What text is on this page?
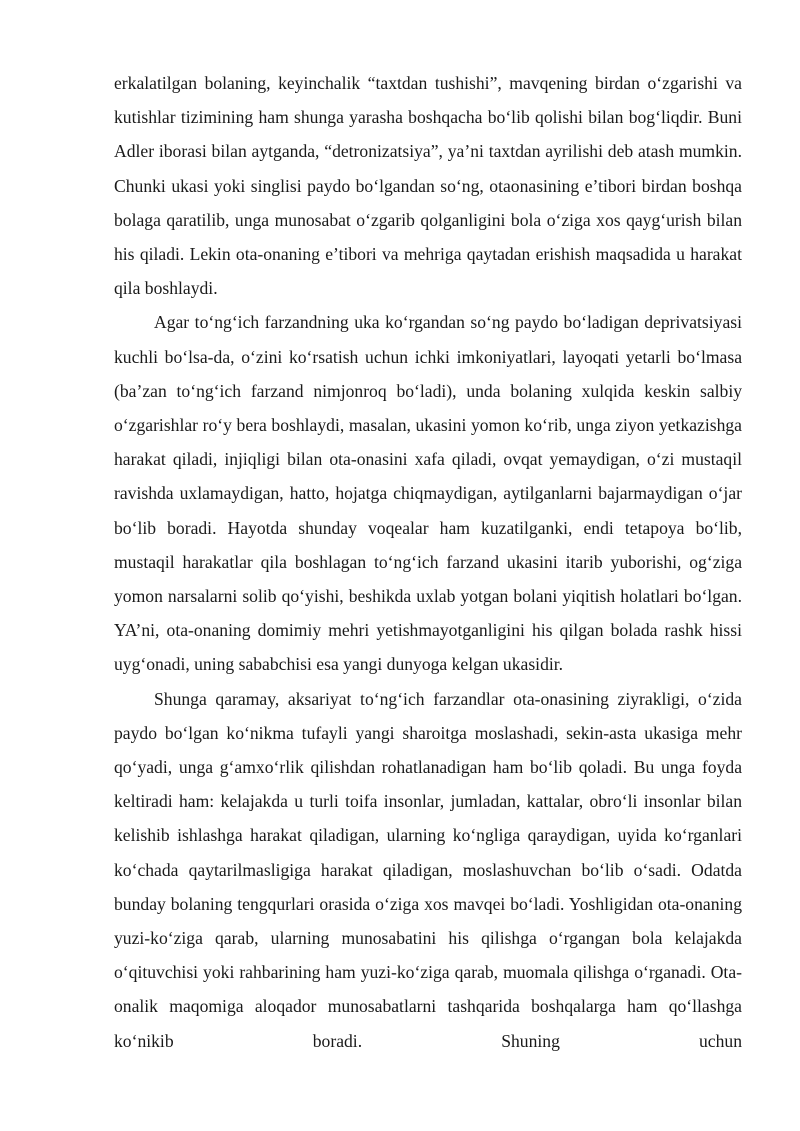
erkalatilgan bolaning, keyinchalik “taxtdan tushishi”, mavqening birdan o‘zgarishi va kutishlar tizimining ham shunga yarasha boshqacha bo‘lib qolishi bilan bog‘liqdir. Buni Adler iborasi bilan aytganda, “detronizatsiya”, ya’ni taxtdan ayrilishi deb atash mumkin. Chunki ukasi yoki singlisi paydo bo‘lgandan so‘ng, otaonasining e’tibori birdan boshqa bolaga qaratilib, unga munosabat o‘zgarib qolganligini bola o‘ziga xos qayg‘urish bilan his qiladi. Lekin ota-onaning e’tibori va mehriga qaytadan erishish maqsadida u harakat qila boshlaydi.

Agar to‘ng‘ich farzandning uka ko‘rgandan so‘ng paydo bo‘ladigan deprivatsiyasi kuchli bo‘lsa-da, o‘zini ko‘rsatish uchun ichki imkoniyatlari, layoqati yetarli bo‘lmasa (ba’zan to‘ng‘ich farzand nimjonroq bo‘ladi), unda bolaning xulqida keskin salbiy o‘zgarishlar ro‘y bera boshlaydi, masalan, ukasini yomon ko‘rib, unga ziyon yetkazishga harakat qiladi, injiqligi bilan ota-onasini xafa qiladi, ovqat yemaydigan, o‘zi mustaqil ravishda uxlamaydigan, hatto, hojatga chiqmaydigan, aytilganlarni bajarmaydigan o‘jar bo‘lib boradi. Hayotda shunday voqealar ham kuzatilganki, endi tetapoya bo‘lib, mustaqil harakatlar qila boshlagan to‘ng‘ich farzand ukasini itarib yuborishi, og‘ziga yomon narsalarni solib qo‘yishi, beshikda uxlab yotgan bolani yiqitish holatlari bo‘lgan. YA’ni, ota-onaning domimiy mehri yetishmayotganligini his qilgan bolada rashk hissi uyg‘onadi, uning sababchisi esa yangi dunyoga kelgan ukasidir.

Shunga qaramay, aksariyat to‘ng‘ich farzandlar ota-onasining ziyrakligi, o‘zida paydo bo‘lgan ko‘nikma tufayli yangi sharoitga moslashadi, sekin-asta ukasiga mehr qo‘yadi, unga g‘amxo‘rlik qilishdan rohatlanadigan ham bo‘lib qoladi. Bu unga foyda keltiradi ham: kelajakda u turli toifa insonlar, jumladan, kattalar, obro‘li insonlar bilan kelishib ishlashga harakat qiladigan, ularning ko‘ngliga qaraydigan, uyida ko‘rganlari ko‘chada qaytarilmasligiga harakat qiladigan, moslashuvchan bo‘lib o‘sadi. Odatda bunday bolaning tengqurlari orasida o‘ziga xos mavqei bo‘ladi. Yoshligidan ota-onaning yuzi-ko‘ziga qarab, ularning munosabatini his qilishga o‘rgangan bola kelajakda o‘qituvchisi yoki rahbarining ham yuzi-ko‘ziga qarab, muomala qilishga o‘rganadi. Ota-onalik maqomiga aloqador munosabatlarni tashqarida boshqalarga ham qo‘llashga ko‘nikib boradi. Shuning uchun
